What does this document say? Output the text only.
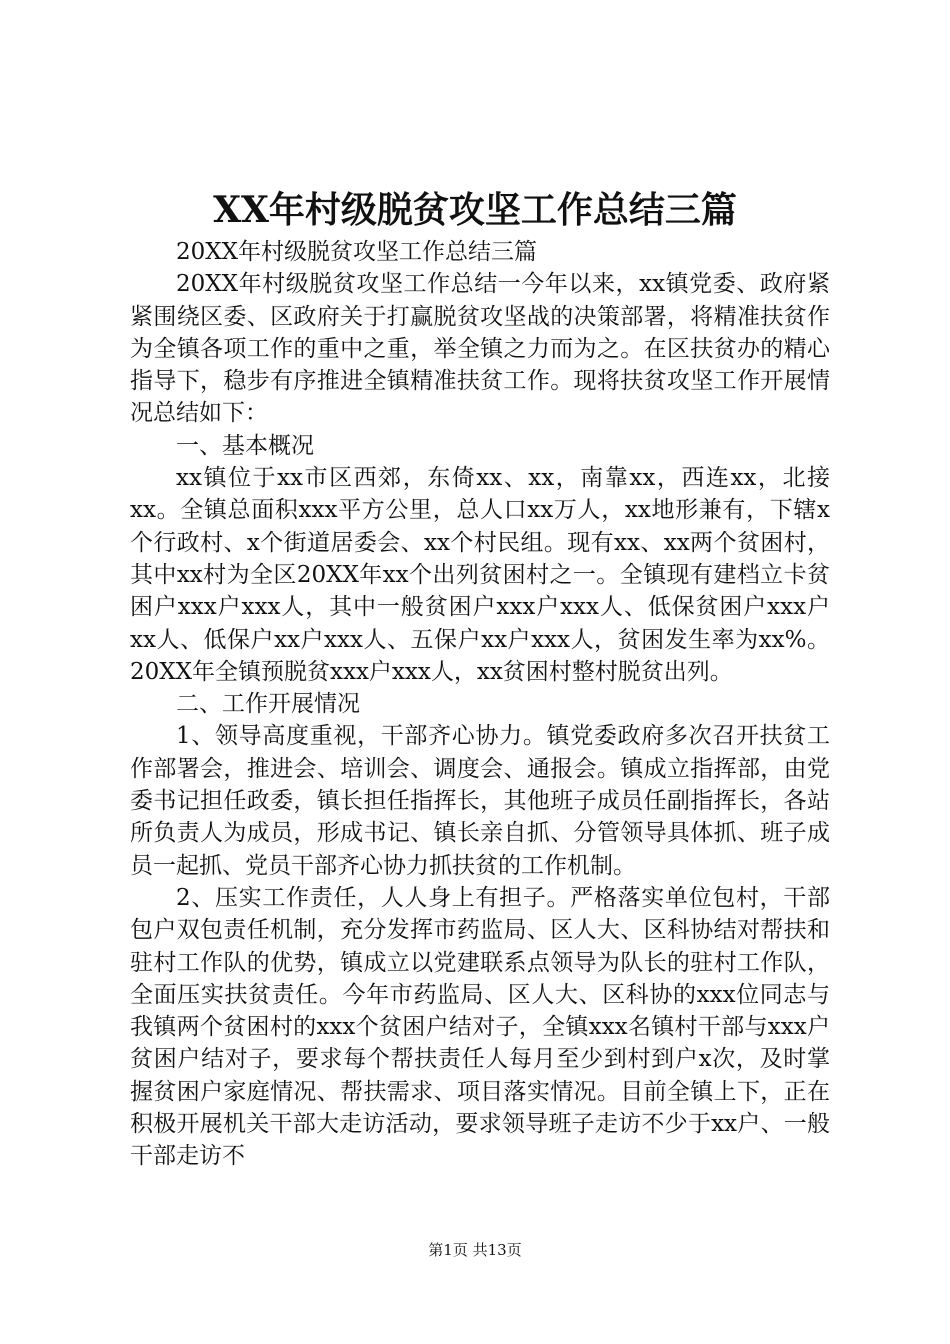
XX年村级脱贫攻坚工作总结三篇

20XX年村级脱贫攻坚工作总结三篇

20XX年村级脱贫攻坚工作总结一今年以来，xx镇党委、政府紧紧围绕区委、区政府关于打赢脱贫攻坚战的决策部署，将精准扶贫作为全镇各项工作的重中之重，举全镇之力而为之。在区扶贫办的精心指导下，稳步有序推进全镇精准扶贫工作。现将扶贫攻坚工作开展情况总结如下：

一、基本概况

xx镇位于xx市区西郊，东倚xx、xx，南靠xx，西连xx，北接xx。全镇总面积xxx平方公里，总人口xx万人，xx地形兼有，下辖x个行政村、x个街道居委会、xx个村民组。现有xx、xx两个贫困村，其中xx村为全区20XX年xx个出列贫困村之一。全镇现有建档立卡贫困户xxx户xxx人，其中一般贫困户xxx户xxx人、低保贫困户xxx户xx人、低保户xx户xxx人、五保户xx户xxx人，贫困发生率为xx%。20XX年全镇预脱贫xxx户xxx人，xx贫困村整村脱贫出列。

二、工作开展情况

1、领导高度重视，干部齐心协力。镇党委政府多次召开扶贫工作部署会，推进会、培训会、调度会、通报会。镇成立指挥部，由党委书记担任政委，镇长担任指挥长，其他班子成员任副指挥长，各站所负责人为成员，形成书记、镇长亲自抓、分管领导具体抓、班子成员一起抓、党员干部齐心协力抓扶贫的工作机制。

2、压实工作责任，人人身上有担子。严格落实单位包村，干部包户双包责任机制，充分发挥市药监局、区人大、区科协结对帮扶和驻村工作队的优势，镇成立以党建联系点领导为队长的驻村工作队，全面压实扶贫责任。今年市药监局、区人大、区科协的xxx位同志与我镇两个贫困村的xxx个贫困户结对子，全镇xxx名镇村干部与xxx户贫困户结对子，要求每个帮扶责任人每月至少到村到户x次，及时掌握贫困户家庭情况、帮扶需求、项目落实情况。目前全镇上下，正在积极开展机关干部大走访活动，要求领导班子走访不少于xx户、一般干部走访不

第1页 共13页
